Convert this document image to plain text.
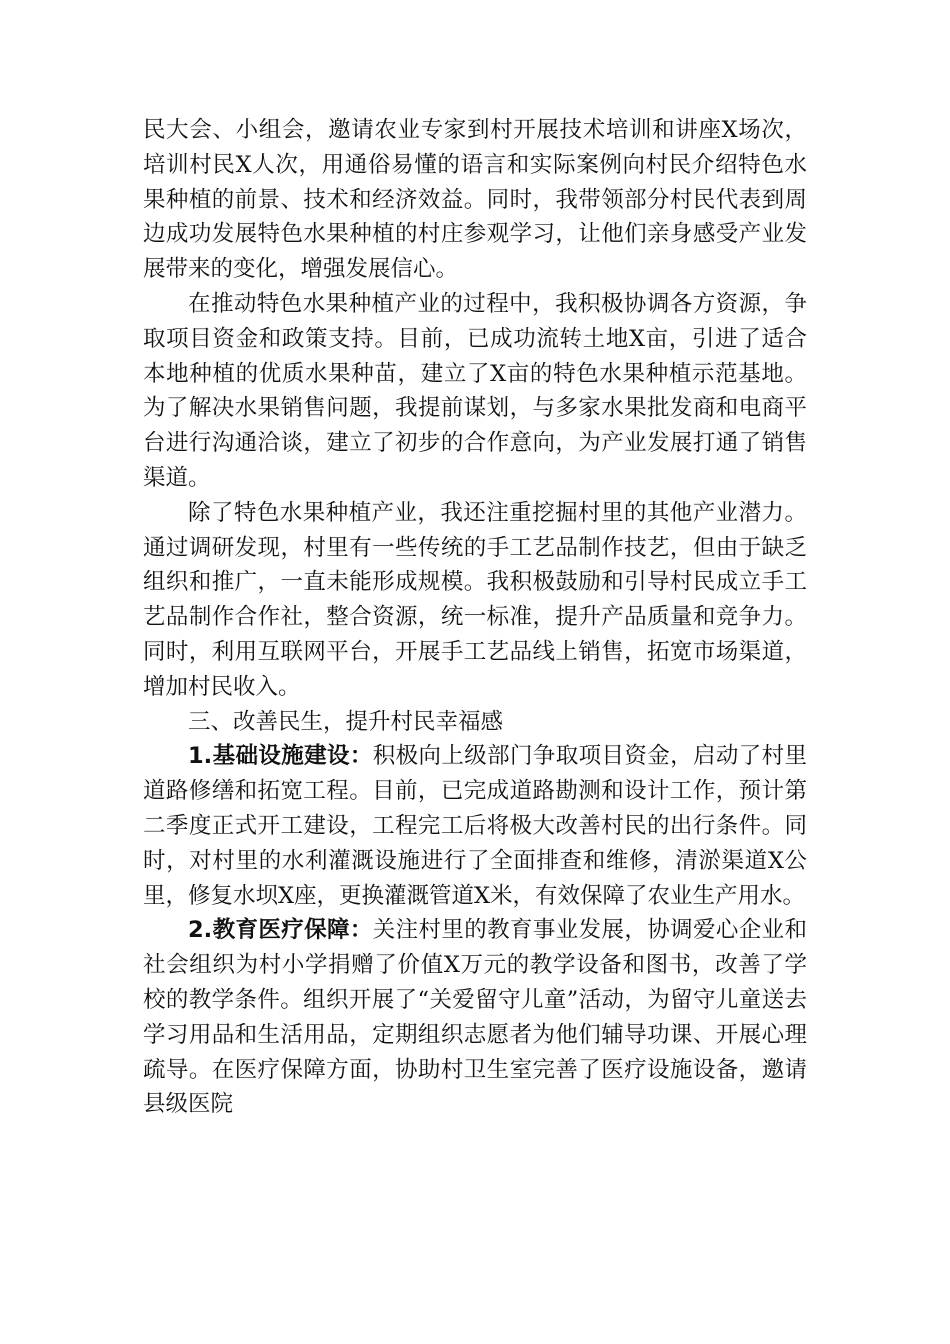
民大会、小组会，邀请农业专家到村开展技术培训和讲座X场次，培训村民X人次，用通俗易懂的语言和实际案例向村民介绍特色水果种植的前景、技术和经济效益。同时，我带领部分村民代表到周边成功发展特色水果种植的村庄参观学习，让他们亲身感受产业发展带来的变化，增强发展信心。

在推动特色水果种植产业的过程中，我积极协调各方资源，争取项目资金和政策支持。目前，已成功流转土地X亩，引进了适合本地种植的优质水果种苗，建立了X亩的特色水果种植示范基地。为了解决水果销售问题，我提前谋划，与多家水果批发商和电商平台进行沟通洽谈，建立了初步的合作意向，为产业发展打通了销售渠道。

除了特色水果种植产业，我还注重挖掘村里的其他产业潜力。通过调研发现，村里有一些传统的手工艺品制作技艺，但由于缺乏组织和推广，一直未能形成规模。我积极鼓励和引导村民成立手工艺品制作合作社，整合资源，统一标准，提升产品质量和竞争力。同时，利用互联网平台，开展手工艺品线上销售，拓宽市场渠道，增加村民收入。

三、改善民生，提升村民幸福感

1.基础设施建设：积极向上级部门争取项目资金，启动了村里道路修缮和拓宽工程。目前，已完成道路勘测和设计工作，预计第二季度正式开工建设，工程完工后将极大改善村民的出行条件。同时，对村里的水利灌溉设施进行了全面排查和维修，清淤渠道X公里，修复水坝X座，更换灌溉管道X米，有效保障了农业生产用水。

2.教育医疗保障：关注村里的教育事业发展，协调爱心企业和社会组织为村小学捐赠了价值X万元的教学设备和图书，改善了学校的教学条件。组织开展了“关爱留守儿童”活动，为留守儿童送去学习用品和生活用品，定期组织志愿者为他们辅导功课、开展心理疏导。在医疗保障方面，协助村卫生室完善了医疗设施设备，邀请县级医院
